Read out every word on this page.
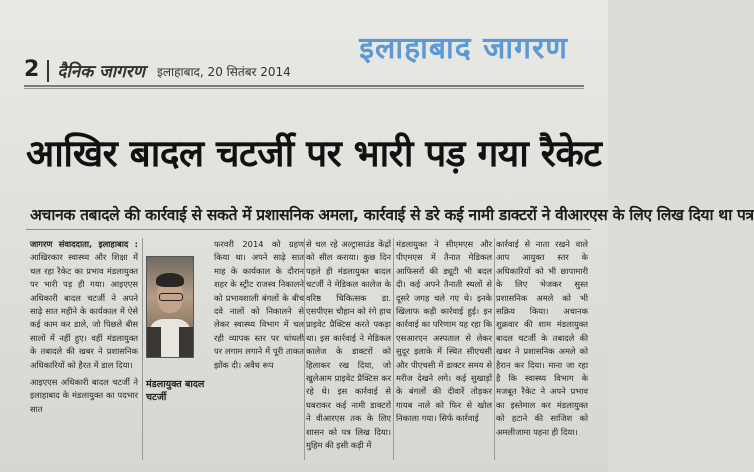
इलाहाबाद जागरण
2 दैनिक जागरण इलाहाबाद, 20 सितंबर 2014
आखिर बादल चटर्जी पर भारी पड़ गया रैकेट
अचानक तबादले की कार्रवाई से सकते में प्रशासनिक अमला, कार्रवाई से डरे कई नामी डाक्टरों ने वीआरएस के लिए लिख दिया था पत्र

जागरण संवाददाता, इलाहाबाद : आखिरकार स्वास्थ्य और शिक्षा में चल रहा रैकेट का प्रभाव मंडलायुक्त पर भारी पड़ ही गया। आइएएस अधिकारी बादल चटर्जी ने अपने साढ़े सात महीने के कार्यकाल में ऐसे कई काम कर डाले, जो पिछले बीस सालों में नहीं हुए। वहीं मंडलायुक्त के तबादले की खबर ने प्रशासनिक अधिकारियों को हैरत में डाल दिया।

आइएएस अधिकारी बादल चटर्जी ने इलाहाबाद के मंडलायुक्त का पदभार सात

मंडलायुक्त बादल चटर्जी
फरवरी 2014 को ग्रहण किया था। अपने साढ़े सात माह के कार्यकाल के दौरान शहर के स्ट्रीट राजस्व निकालने को प्रभावशाली बंगलों के बीच दवे नालों को निकालने से लेकर स्वास्थ्य विभाग में चल रही व्यापक स्तर पर धांधली पर लगाम लगाने में पूरी ताकत झोंक दी। अवैध रूप
से चल रहे अल्ट्रासाउंड केंद्रों को सील कराया। कुछ दिन पहले ही मंडलायुक्त बादल चटर्जी ने मेडिकल कालेज के वरिष्ठ चिकित्सक डा. एसपीएस चौहान को रंगे हाथ प्राइवेट प्रैक्टिस करते पकड़ा था। इस कार्रवाई ने मेडिकल कालेज के डाक्टरों को हिलाकर रख दिया, जो खुलेआम प्राइवेट प्रैक्टिस कर रहे थे। इस कार्रवाई से घबराकर कई नामी डाक्टरों ने वीआरएस तक के लिए शासन को पत्र लिख दिया। मुहिम की इसी कड़ी में
मंडलायुक्त ने सीएमएस और पीएमएस में तैनात मेडिकल आफिसरों की ड्यूटी भी बदल दी। कई अपने तैनाती स्थलों से दूसरे जगह चले गए थे। इनके खिलाफ कड़ी कार्रवाई हुई। इन कार्रवाई का परिणाम यह रहा कि एसआरएन अस्पताल से लेकर सुदूर इलाके में स्थित सीएचसी और पीएचसी में डाक्टर समय से मरीज देखने लगे। कई सुखाड़ों के बंगलों की दीवारें तोड़कर गायब नाले को फिर से खोल निकाला गया। सिर्फ कार्रवाई
कार्रवाई से नाता रखने वाले आप आयुक्त स्तर के अधिकारियों को भी छापामारी के लिए भेजकर सुस्त प्रशासनिक अमले को भी सक्रिय किया। अचानक शुक्रवार की शाम मंडलायुक्त बादल चटर्जी के तबादले की खबर ने प्रशासनिक अमले को हैरान कर दिया। माना जा रहा है कि स्वास्थ्य विभाग के मजबूत रैकेट ने अपने प्रभाव का इस्तेमाल कर मंडलायुक्त को हटाने की साजिश को अमलीजामा पहना ही दिया।
